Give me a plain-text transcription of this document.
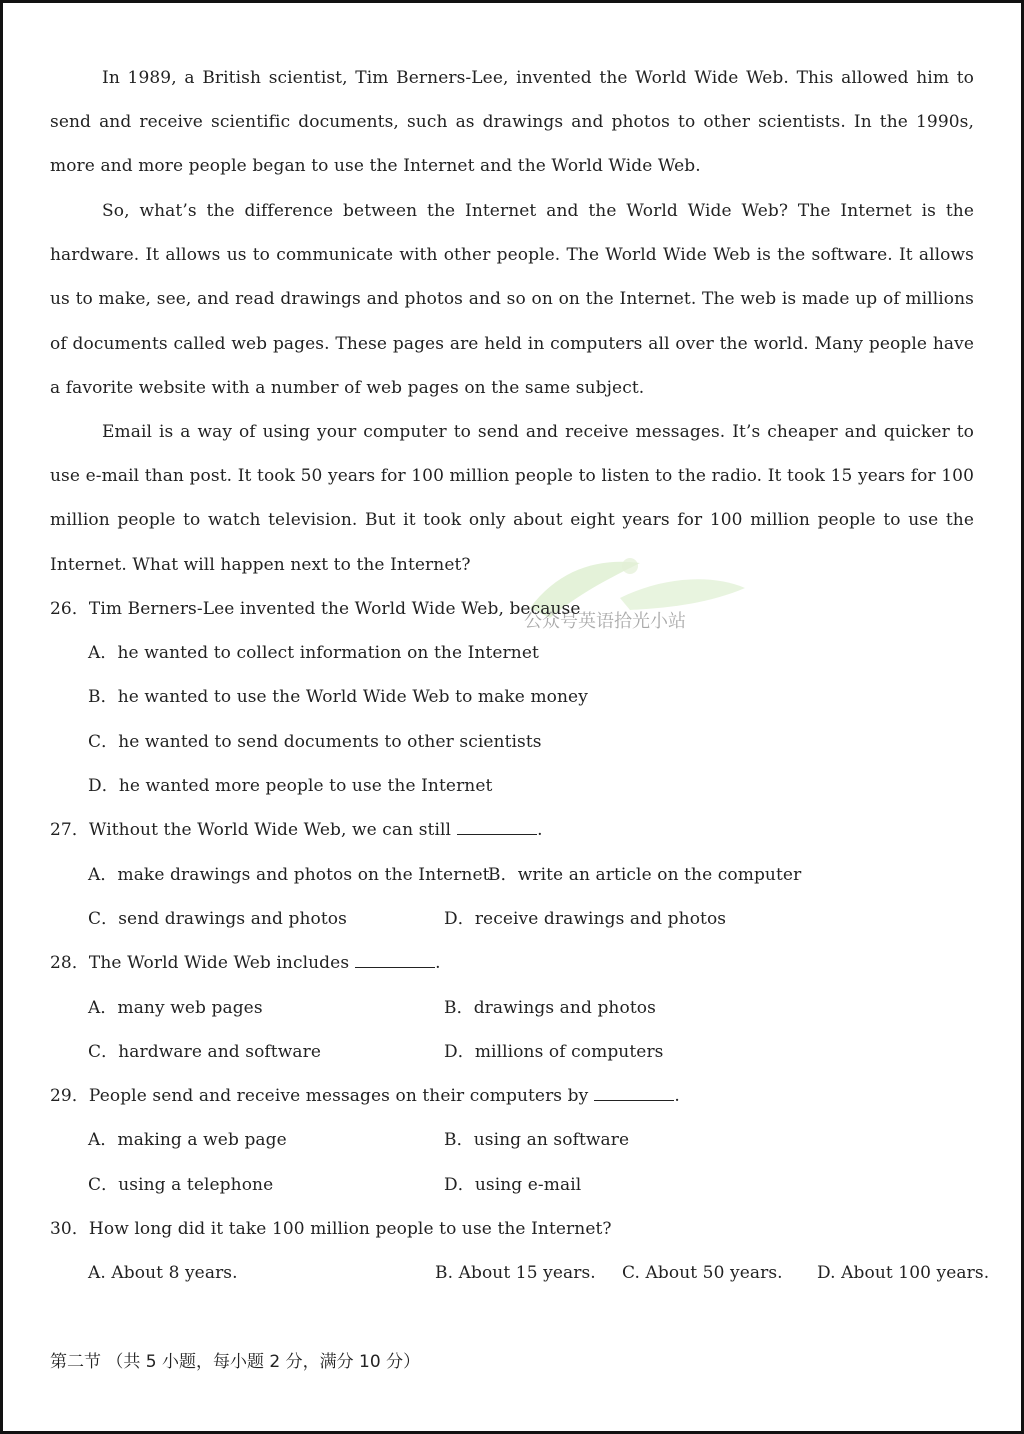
In 1989, a British scientist, Tim Berners-Lee, invented the World Wide Web. This allowed him to send and receive scientific documents, such as drawings and photos to other scientists. In the 1990s, more and more people began to use the Internet and the World Wide Web.

So, what’s the difference between the Internet and the World Wide Web? The Internet is the hardware. It allows us to communicate with other people. The World Wide Web is the software. It allows us to make, see, and read drawings and photos and so on on the Internet. The web is made up of millions of documents called web pages. These pages are held in computers all over the world. Many people have a favorite website with a number of web pages on the same subject.

Email is a way of using your computer to send and receive messages. It’s cheaper and quicker to use e-mail than post. It took 50 years for 100 million people to listen to the radio. It took 15 years for 100 million people to watch television. But it took only about eight years for 100 million people to use the Internet. What will happen next to the Internet?

公众号英语拾光小站
26．Tim Berners-Lee invented the World Wide Web, because
A．he wanted to collect information on the Internet
B．he wanted to use the World Wide Web to make money
C．he wanted to send documents to other scientists
D．he wanted more people to use the Internet
27．Without the World Wide Web, we can still	.
A．make drawings and photos on the Internet
B．write an article on the computer
C．send drawings and photos	D．receive drawings and photos
28．The World Wide Web includes	.
A．many web pages	B．drawings and photos
C．hardware and software	D．millions of computers
29．People send and receive messages on their computers by	.
A．making a web page	B．using an software
C．using a telephone	D．using e-mail
30．How long did it take 100 million people to use the Internet?
A. About 8 years.	B. About 15 years. C. About 50 years. D. About 100 years.
第二节 （共 5 小题，每小题 2 分，满分 10 分）
